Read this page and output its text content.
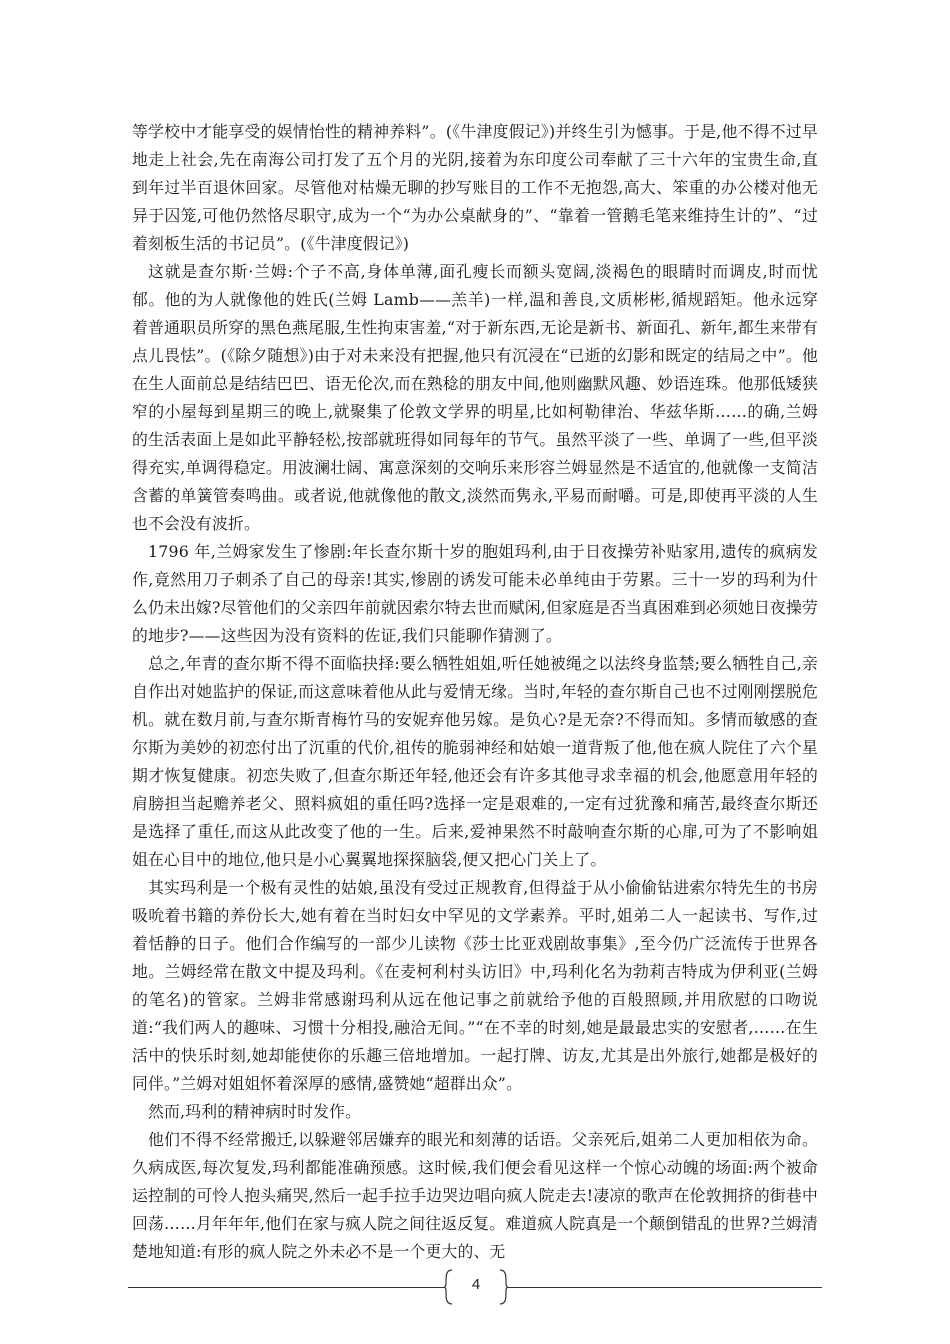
等学校中才能享受的娱情怡性的精神养料”。(《牛津度假记》)并终生引为憾事。于是,他不得不过早地走上社会,先在南海公司打发了五个月的光阴,接着为东印度公司奉献了三十六年的宝贵生命,直到年过半百退休回家。尽管他对枯燥无聊的抄写账目的工作不无抱怨,高大、笨重的办公楼对他无异于囚笼,可他仍然恪尽职守,成为一个“为办公桌献身的”、“靠着一管鹅毛笔来维持生计的”、“过着刻板生活的书记员”。(《牛津度假记》)

这就是查尔斯·兰姆:个子不高,身体单薄,面孔瘦长而额头宽阔,淡褐色的眼睛时而调皮,时而忧郁。他的为人就像他的姓氏(兰姆 Lamb——羔羊)一样,温和善良,文质彬彬,循规蹈矩。他永远穿着普通职员所穿的黑色燕尾服,生性拘束害羞,“对于新东西,无论是新书、新面孔、新年,都生来带有点儿畏怯”。(《除夕随想》)由于对未来没有把握,他只有沉浸在“已逝的幻影和既定的结局之中”。他在生人面前总是结结巴巴、语无伦次,而在熟稔的朋友中间,他则幽默风趣、妙语连珠。他那低矮狭窄的小屋每到星期三的晚上,就聚集了伦敦文学界的明星,比如柯勒律治、华兹华斯……的确,兰姆的生活表面上是如此平静轻松,按部就班得如同每年的节气。虽然平淡了一些、单调了一些,但平淡得充实,单调得稳定。用波澜壮阔、寓意深刻的交响乐来形容兰姆显然是不适宜的,他就像一支简洁含蓄的单簧管奏鸣曲。或者说,他就像他的散文,淡然而隽永,平易而耐嚼。可是,即使再平淡的人生也不会没有波折。

1796 年,兰姆家发生了惨剧:年长查尔斯十岁的胞姐玛利,由于日夜操劳补贴家用,遗传的疯病发作,竟然用刀子刺杀了自己的母亲!其实,惨剧的诱发可能未必单纯由于劳累。三十一岁的玛利为什么仍未出嫁?尽管他们的父亲四年前就因索尔特去世而赋闲,但家庭是否当真困难到必须她日夜操劳的地步?——这些因为没有资料的佐证,我们只能聊作猜测了。

总之,年青的查尔斯不得不面临抉择:要么牺牲姐姐,听任她被绳之以法终身监禁;要么牺牲自己,亲自作出对她监护的保证,而这意味着他从此与爱情无缘。当时,年轻的查尔斯自己也不过刚刚摆脱危机。就在数月前,与查尔斯青梅竹马的安妮弃他另嫁。是负心?是无奈?不得而知。多情而敏感的查尔斯为美妙的初恋付出了沉重的代价,祖传的脆弱神经和姑娘一道背叛了他,他在疯人院住了六个星期才恢复健康。初恋失败了,但查尔斯还年轻,他还会有许多其他寻求幸福的机会,他愿意用年轻的肩膀担当起赡养老父、照料疯姐的重任吗?选择一定是艰难的,一定有过犹豫和痛苦,最终查尔斯还是选择了重任,而这从此改变了他的一生。后来,爱神果然不时敲响查尔斯的心扉,可为了不影响姐姐在心目中的地位,他只是小心翼翼地探探脑袋,便又把心门关上了。

其实玛利是一个极有灵性的姑娘,虽没有受过正规教育,但得益于从小偷偷钻进索尔特先生的书房吸吮着书籍的养份长大,她有着在当时妇女中罕见的文学素养。平时,姐弟二人一起读书、写作,过着恬静的日子。他们合作编写的一部少儿读物《莎士比亚戏剧故事集》,至今仍广泛流传于世界各地。兰姆经常在散文中提及玛利。《在麦柯利村头访旧》中,玛利化名为勃莉吉特成为伊利亚(兰姆的笔名)的管家。兰姆非常感谢玛利从远在他记事之前就给予他的百般照顾,并用欣慰的口吻说道:“我们两人的趣味、习惯十分相投,融洽无间。”“在不幸的时刻,她是最最忠实的安慰者,……在生活中的快乐时刻,她却能使你的乐趣三倍地增加。一起打牌、访友,尤其是出外旅行,她都是极好的同伴。”兰姆对姐姐怀着深厚的感情,盛赞她“超群出众”。

然而,玛利的精神病时时发作。

他们不得不经常搬迁,以躲避邻居嫌弃的眼光和刻薄的话语。父亲死后,姐弟二人更加相依为命。久病成医,每次复发,玛利都能准确预感。这时候,我们便会看见这样一个惊心动魄的场面:两个被命运控制的可怜人抱头痛哭,然后一起手拉手边哭边唱向疯人院走去!凄凉的歌声在伦敦拥挤的街巷中回荡……月年年年,他们在家与疯人院之间往返反复。难道疯人院真是一个颠倒错乱的世界?兰姆清楚地知道:有形的疯人院之外未必不是一个更大的、无

4
